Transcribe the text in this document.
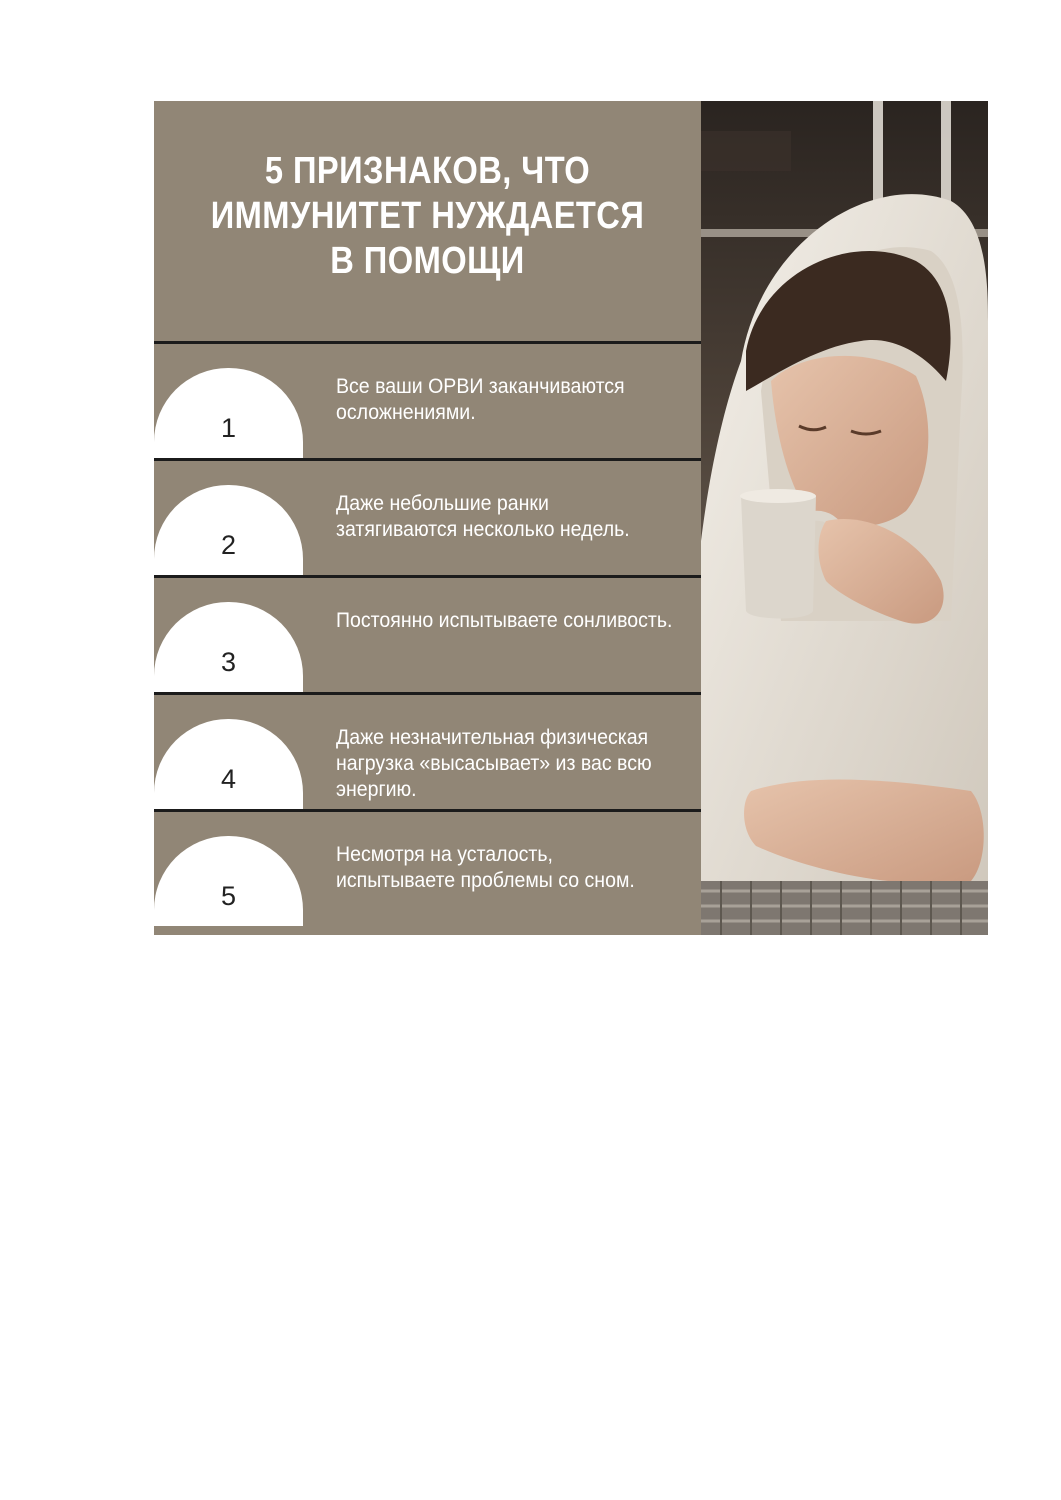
5 ПРИЗНАКОВ, ЧТО
ИММУНИТЕТ НУЖДАЕТСЯ
В ПОМОЩИ
1
Все ваши ОРВИ заканчиваются осложнениями.
2
Даже небольшие ранки затягиваются несколько недель.
3
Постоянно испытываете сонливость.
4
Даже незначительная физическая нагрузка «высасывает» из вас всю энергию.
5
Несмотря на усталость, испытываете проблемы со сном.
